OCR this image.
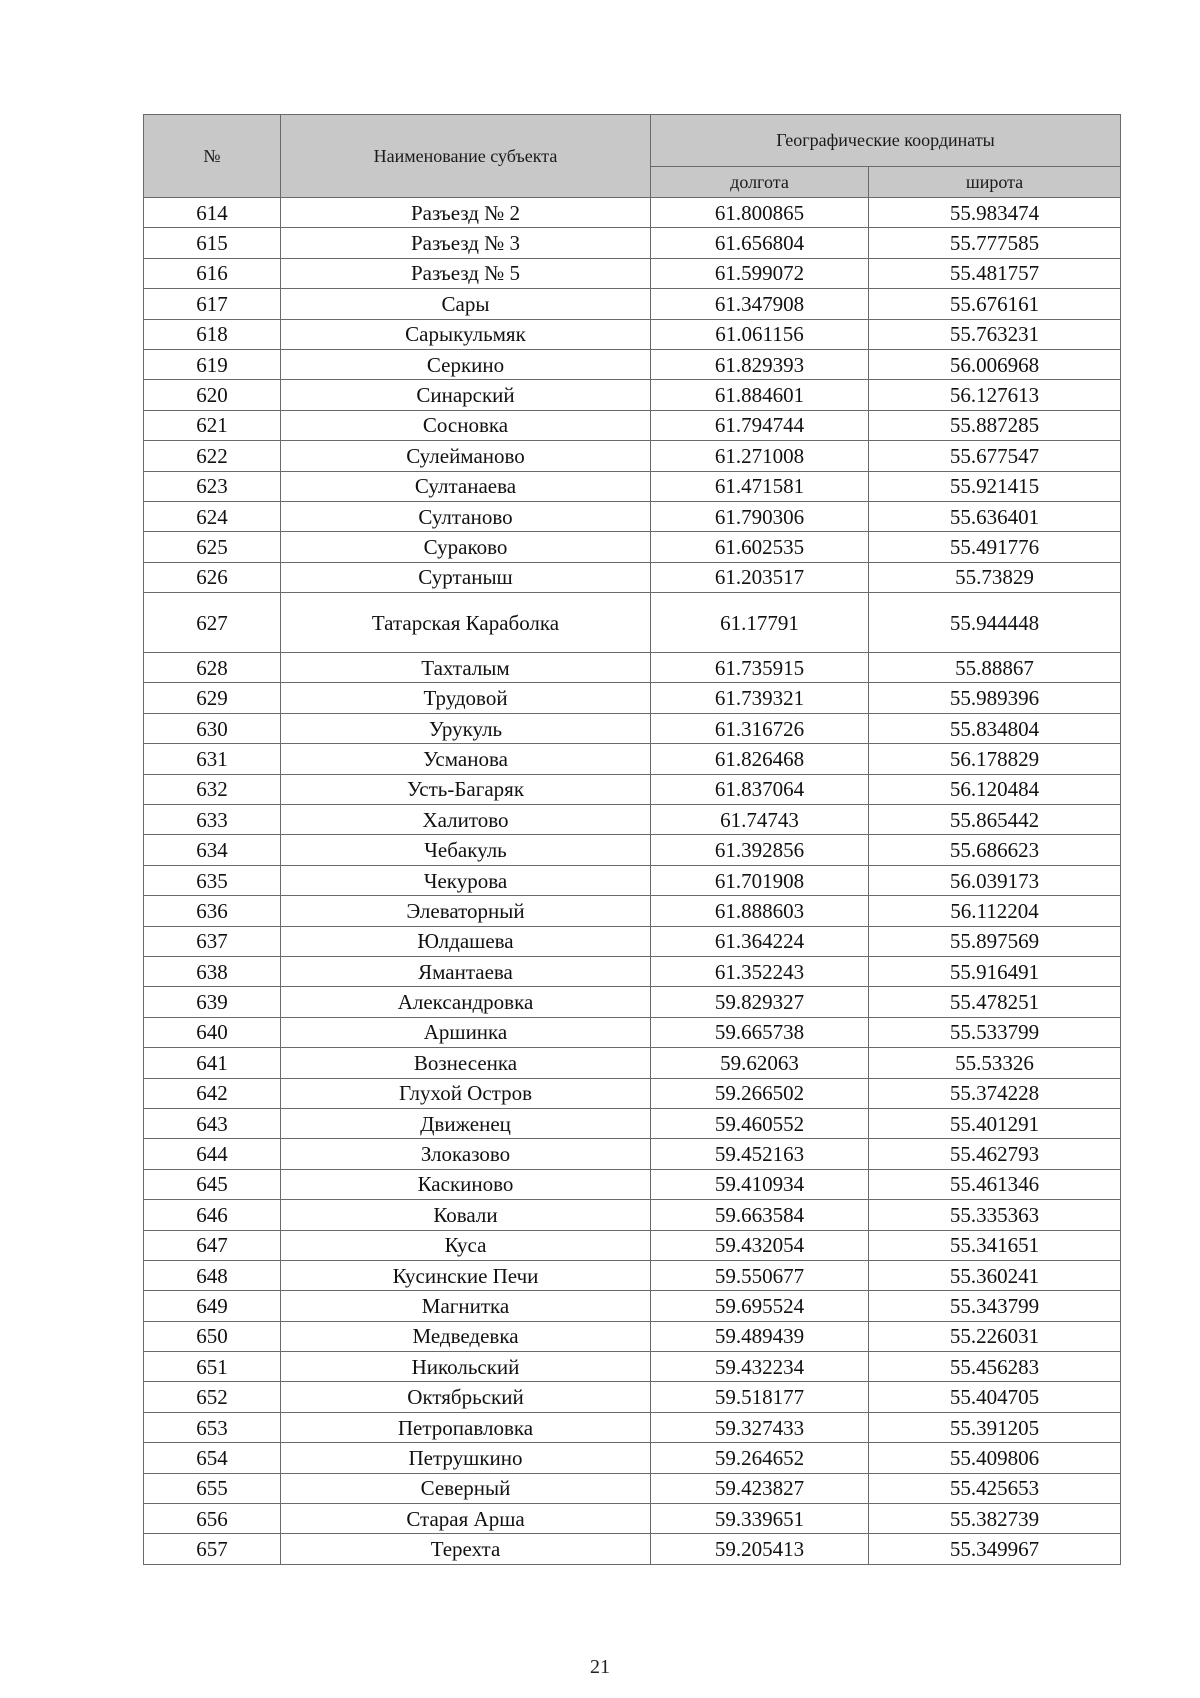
№	Наименование субъекта	Географические координаты	
		долгота	широта
614	Разъезд № 2	61.800865	55.983474
615	Разъезд № 3	61.656804	55.777585
616	Разъезд № 5	61.599072	55.481757
617	Сары	61.347908	55.676161
618	Сарыкульмяк	61.061156	55.763231
619	Серкино	61.829393	56.006968
620	Синарский	61.884601	56.127613
621	Сосновка	61.794744	55.887285
622	Сулейманово	61.271008	55.677547
623	Султанаева	61.471581	55.921415
624	Султаново	61.790306	55.636401
625	Сураково	61.602535	55.491776
626	Суртаныш	61.203517	55.73829
627	Татарская Караболка	61.17791	55.944448
628	Тахталым	61.735915	55.88867
629	Трудовой	61.739321	55.989396
630	Урукуль	61.316726	55.834804
631	Усманова	61.826468	56.178829
632	Усть-Багаряк	61.837064	56.120484
633	Халитово	61.74743	55.865442
634	Чебакуль	61.392856	55.686623
635	Чекурова	61.701908	56.039173
636	Элеваторный	61.888603	56.112204
637	Юлдашева	61.364224	55.897569
638	Ямантаева	61.352243	55.916491
639	Александровка	59.829327	55.478251
640	Аршинка	59.665738	55.533799
641	Вознесенка	59.62063	55.53326
642	Глухой Остров	59.266502	55.374228
643	Движенец	59.460552	55.401291
644	Злоказово	59.452163	55.462793
645	Каскиново	59.410934	55.461346
646	Ковали	59.663584	55.335363
647	Куса	59.432054	55.341651
648	Кусинские Печи	59.550677	55.360241
649	Магнитка	59.695524	55.343799
650	Медведевка	59.489439	55.226031
651	Никольский	59.432234	55.456283
652	Октябрьский	59.518177	55.404705
653	Петропавловка	59.327433	55.391205
654	Петрушкино	59.264652	55.409806
655	Северный	59.423827	55.425653
656	Старая Арша	59.339651	55.382739
657	Терехта	59.205413	55.349967
21
